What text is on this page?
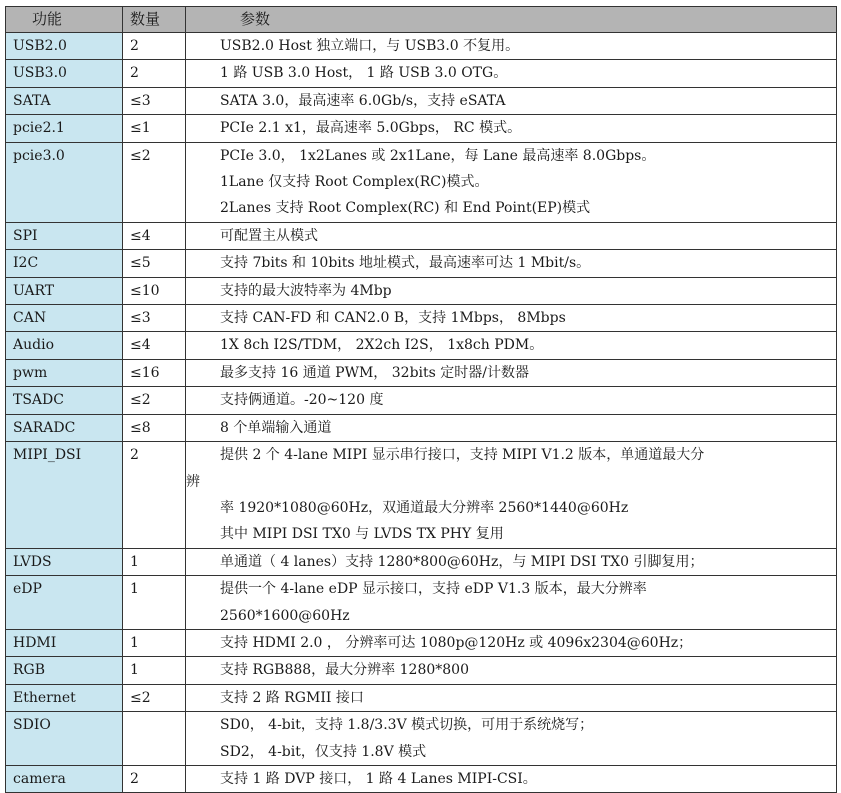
功能	数量	参数
USB2.0	2	USB2.0 Host 独立端口，与 USB3.0 不复用。

USB3.0	2	1 路 USB 3.0 Host， 1 路 USB 3.0 OTG。

SATA	≤3	SATA 3.0，最高速率 6.0Gb/s，支持 eSATA

pcie2.1	≤1	PCIe 2.1 x1，最高速率 5.0Gbps， RC 模式。

pcie3.0	≤2	PCIe 3.0， 1x2Lanes 或 2x1Lane，每 Lane 最高速率 8.0Gbps。
1Lane 仅支持 Root Complex(RC)模式。
2Lanes 支持 Root Complex(RC) 和 End Point(EP)模式

SPI	≤4	可配置主从模式

I2C	≤5	支持 7bits 和 10bits 地址模式，最高速率可达 1 Mbit/s。

UART	≤10	支持的最大波特率为 4Mbp

CAN	≤3	支持 CAN-FD 和 CAN2.0 B，支持 1Mbps， 8Mbps

Audio	≤4	1X 8ch I2S/TDM， 2X2ch I2S， 1x8ch PDM。

pwm	≤16	最多支持 16 通道 PWM， 32bits 定时器/计数器

TSADC	≤2	支持俩通道。-20~120 度

SARADC	≤8	8 个单端输入通道

MIPI_DSI	2	提供 2 个 4-lane MIPI 显示串行接口，支持 MIPI V1.2 版本，单通道最大分
辨
率 1920*1080@60Hz，双通道最大分辨率 2560*1440@60Hz
其中 MIPI DSI TX0 与 LVDS TX PHY 复用

LVDS	1	单通道（ 4 lanes）支持 1280*800@60Hz，与 MIPI DSI TX0 引脚复用；

eDP	1	提供一个 4-lane eDP 显示接口，支持 eDP V1.3 版本，最大分辨率
2560*1600@60Hz

HDMI	1	支持 HDMI 2.0 ， 分辨率可达 1080p@120Hz 或 4096x2304@60Hz；

RGB	1	支持 RGB888，最大分辨率 1280*800

Ethernet	≤2	支持 2 路 RGMII 接口

SDIO		SD0， 4-bit，支持 1.8/3.3V 模式切换，可用于系统烧写；
SD2， 4-bit，仅支持 1.8V 模式

camera	2	支持 1 路 DVP 接口， 1 路 4 Lanes MIPI-CSI。
